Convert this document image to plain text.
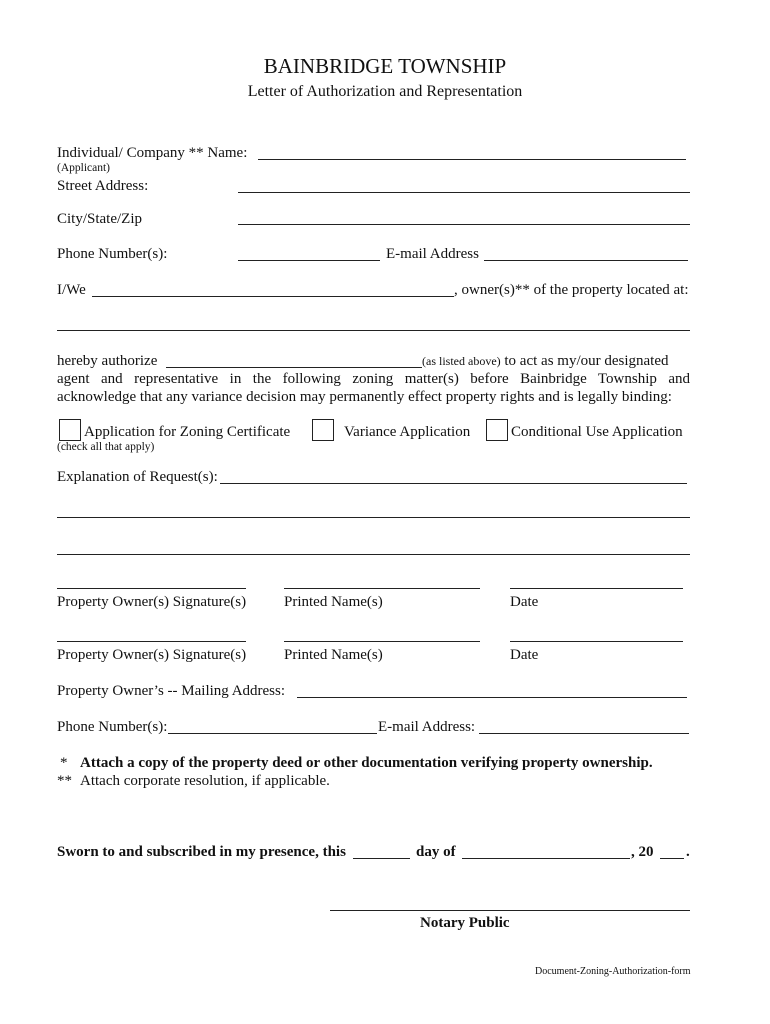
BAINBRIDGE TOWNSHIP
Letter of Authorization and Representation
Individual/ Company ** Name:
(Applicant)
Street Address:
City/State/Zip
Phone Number(s):	E-mail Address
I/We	, owner(s)** of the property located at:
hereby authorize	(as listed above) to act as my/our designated
agent and representative in the following zoning matter(s) before Bainbridge Township and
acknowledge that any variance decision may permanently effect property rights and is legally binding:
Application for Zoning Certificate	Variance Application	Conditional Use Application
(check all that apply)
Explanation of Request(s):
Property Owner(s) Signature(s)	Printed Name(s)	Date
Property Owner(s) Signature(s)	Printed Name(s)	Date
Property Owner’s -- Mailing Address:
Phone Number(s):	E-mail Address:
* Attach a copy of the property deed or other documentation verifying property ownership.
** Attach corporate resolution, if applicable.
Sworn to and subscribed in my presence, this	day of	, 20 .
Notary Public
Document-Zoning-Authorization-form
